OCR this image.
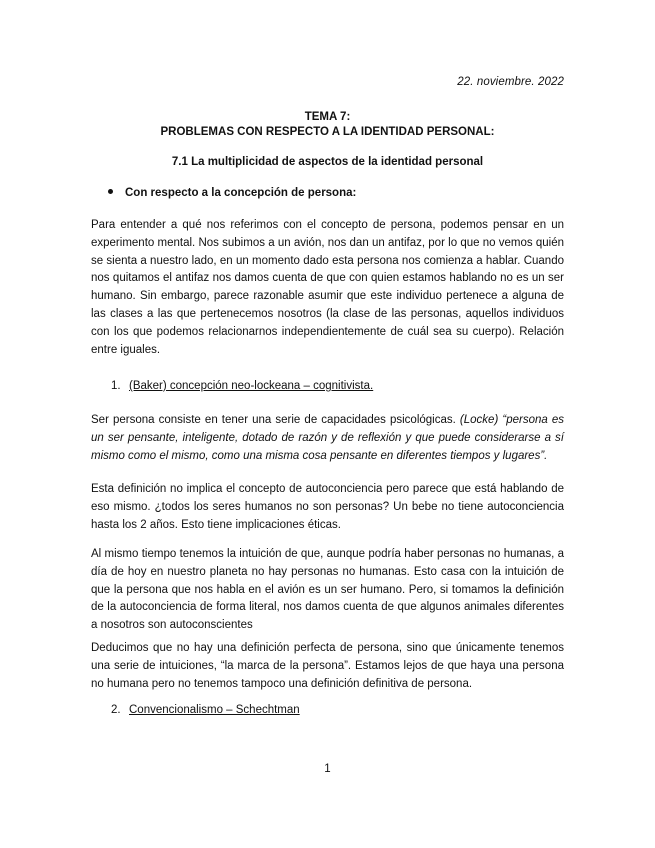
22. noviembre. 2022
TEMA 7:
PROBLEMAS CON RESPECTO A LA IDENTIDAD PERSONAL:
7.1 La multiplicidad de aspectos de la identidad personal
Con respecto a la concepción de persona:
Para entender a qué nos referimos con el concepto de persona, podemos pensar en un experimento mental. Nos subimos a un avión, nos dan un antifaz, por lo que no vemos quién se sienta a nuestro lado, en un momento dado esta persona nos comienza a hablar. Cuando nos quitamos el antifaz nos damos cuenta de que con quien estamos hablando no es un ser humano. Sin embargo, parece razonable asumir que este individuo pertenece a alguna de las clases a las que pertenecemos nosotros (la clase de las personas, aquellos individuos con los que podemos relacionarnos independientemente de cuál sea su cuerpo). Relación entre iguales.
1. (Baker) concepción neo-lockeana – cognitivista.
Ser persona consiste en tener una serie de capacidades psicológicas. (Locke) “persona es un ser pensante, inteligente, dotado de razón y de reflexión y que puede considerarse a sí mismo como el mismo, como una misma cosa pensante en diferentes tiempos y lugares”.
Esta definición no implica el concepto de autoconciencia pero parece que está hablando de eso mismo. ¿todos los seres humanos no son personas? Un bebe no tiene autoconciencia hasta los 2 años. Esto tiene implicaciones éticas.
Al mismo tiempo tenemos la intuición de que, aunque podría haber personas no humanas, a día de hoy en nuestro planeta no hay personas no humanas. Esto casa con la intuición de que la persona que nos habla en el avión es un ser humano. Pero, si tomamos la definición de la autoconciencia de forma literal, nos damos cuenta de que algunos animales diferentes a nosotros son autoconscientes
Deducimos que no hay una definición perfecta de persona, sino que únicamente tenemos una serie de intuiciones, “la marca de la persona”. Estamos lejos de que haya una persona no humana pero no tenemos tampoco una definición definitiva de persona.
2. Convencionalismo – Schechtman
1
